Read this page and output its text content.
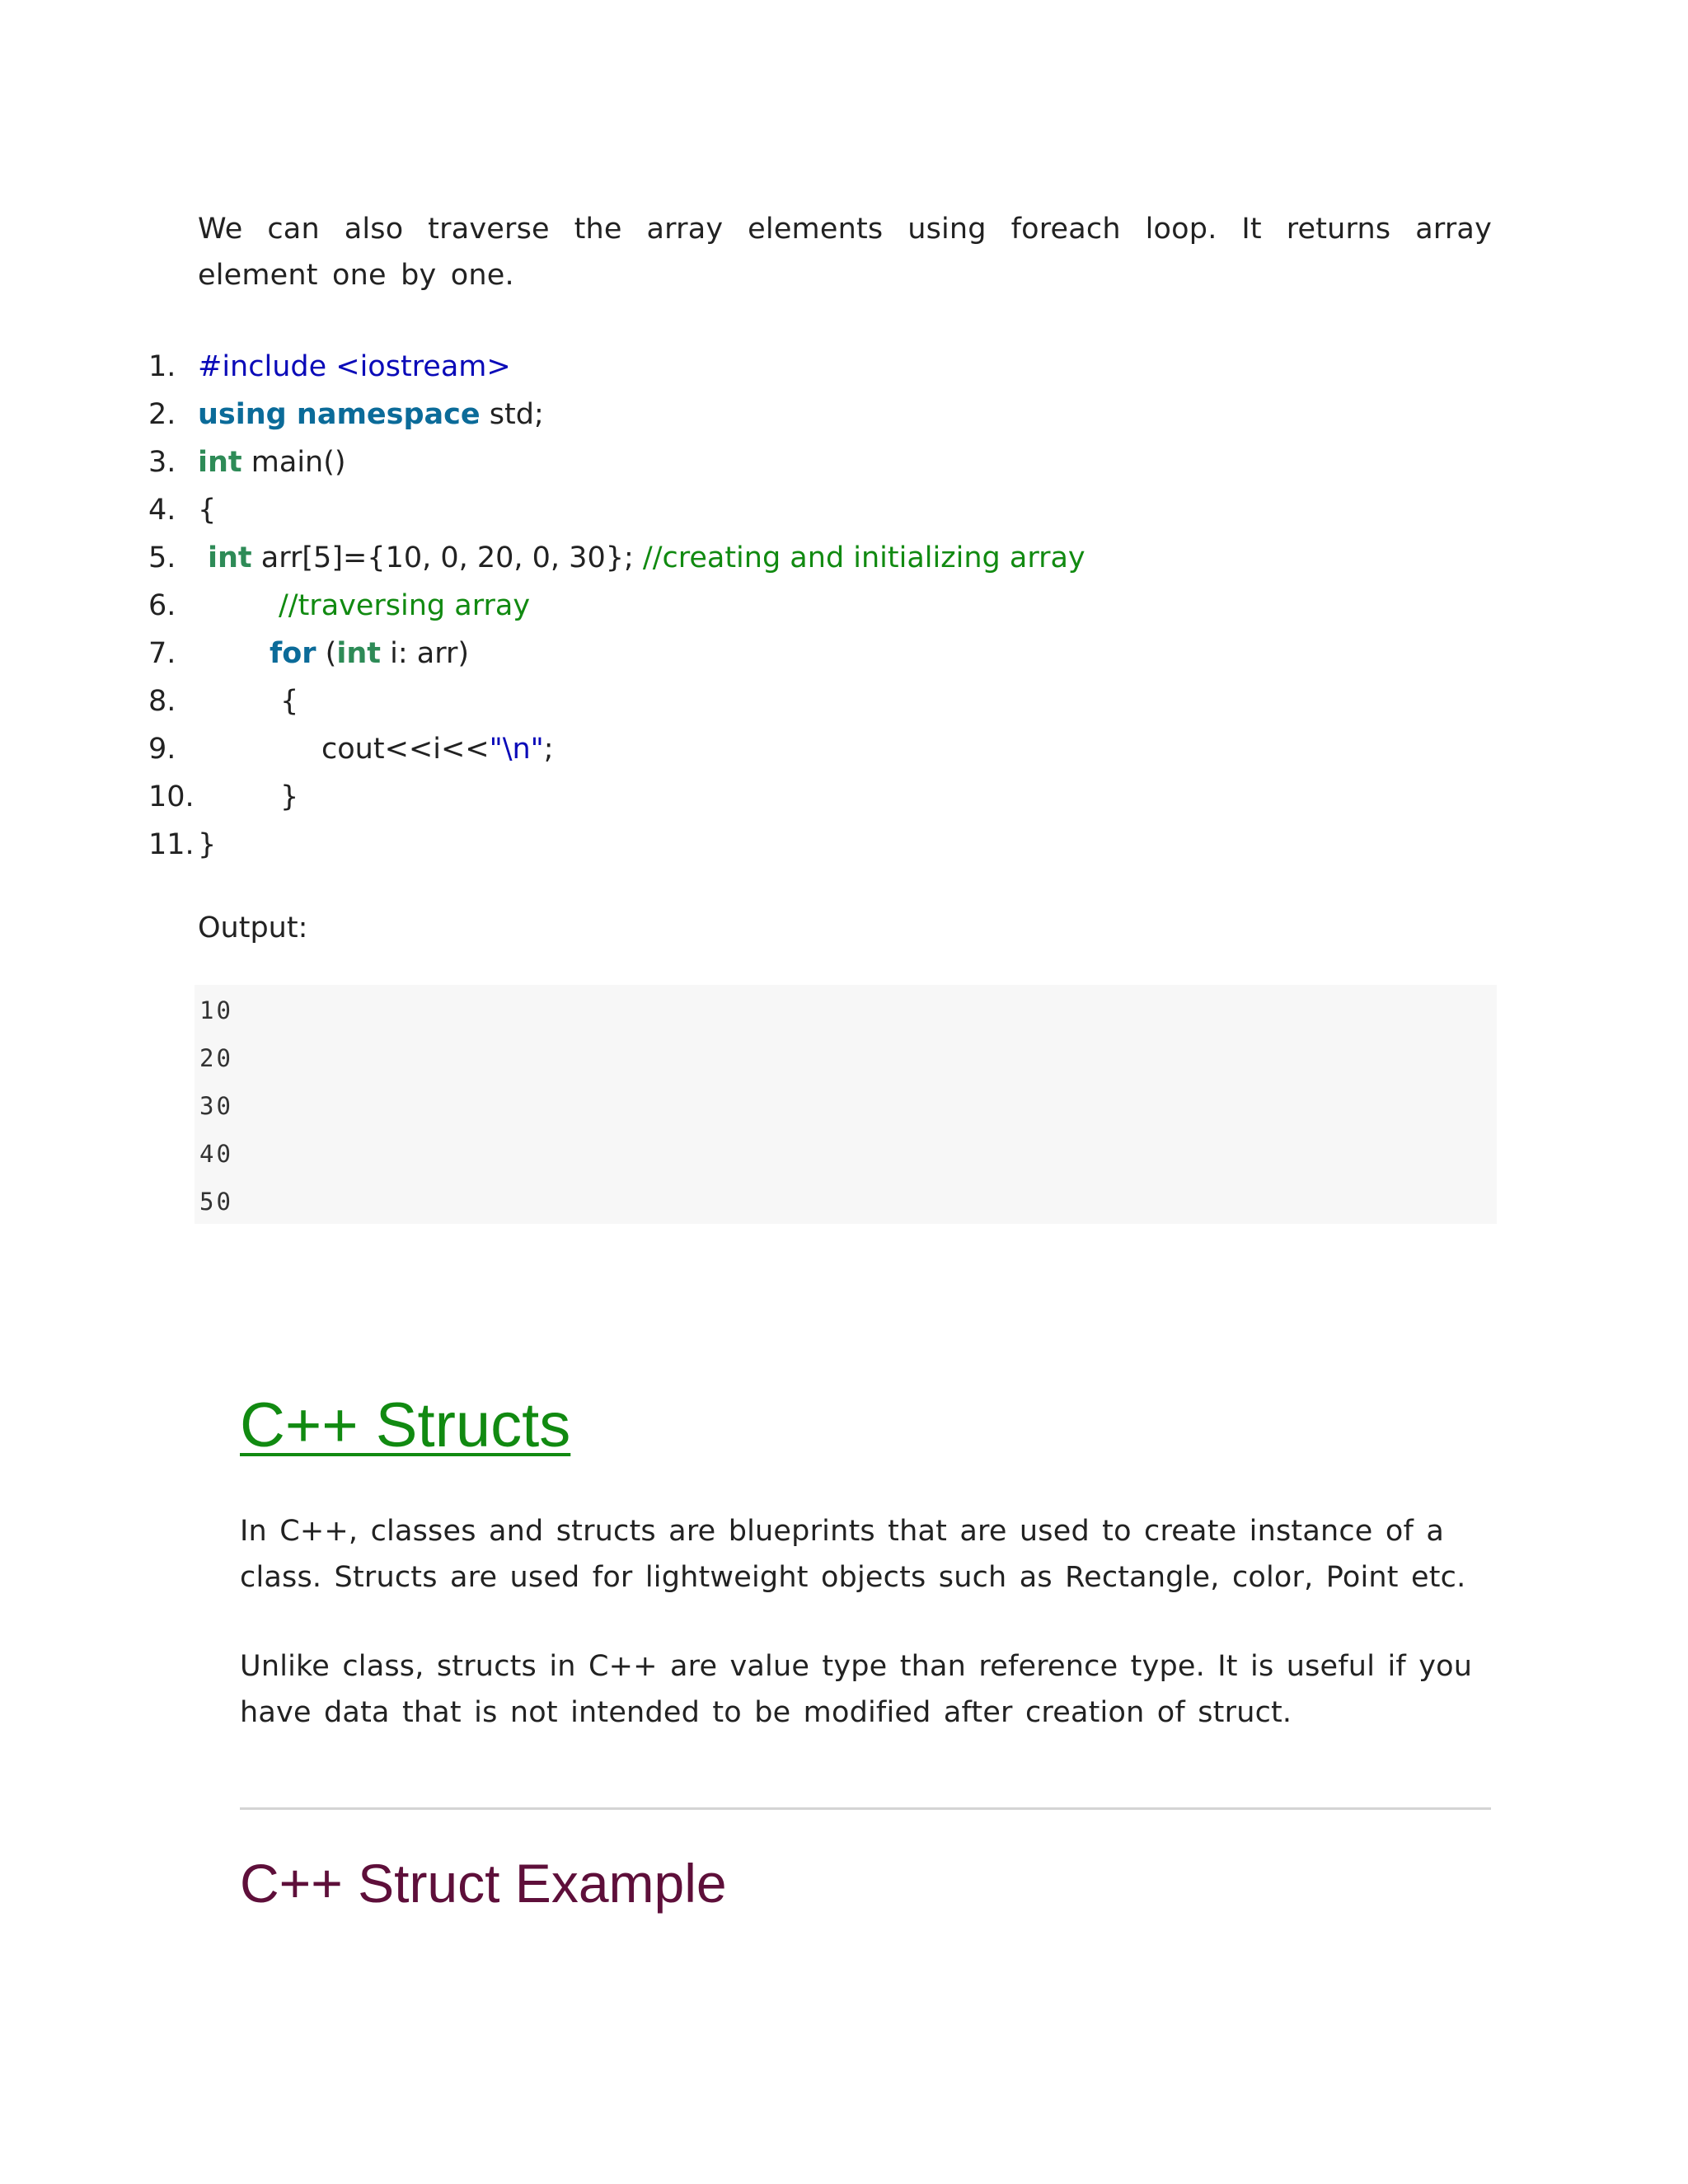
We can also traverse the array elements using foreach loop. It returns array element one by one.

1. #include <iostream>
2. using namespace std;
3. int main()
4. {
5. int arr[5]={10, 0, 20, 0, 30}; //creating and initializing array
6.	//traversing array
7.	for (int i: arr)
8.	{
9.	cout<<i<<"\n";
10.	}
11. }

Output:

10
20
30
40
50
C++ Structs

In C++, classes and structs are blueprints that are used to create instance of a class. Structs are used for lightweight objects such as Rectangle, color, Point etc.

Unlike class, structs in C++ are value type than reference type. It is useful if you have data that is not intended to be modified after creation of struct.

C++ Struct Example
